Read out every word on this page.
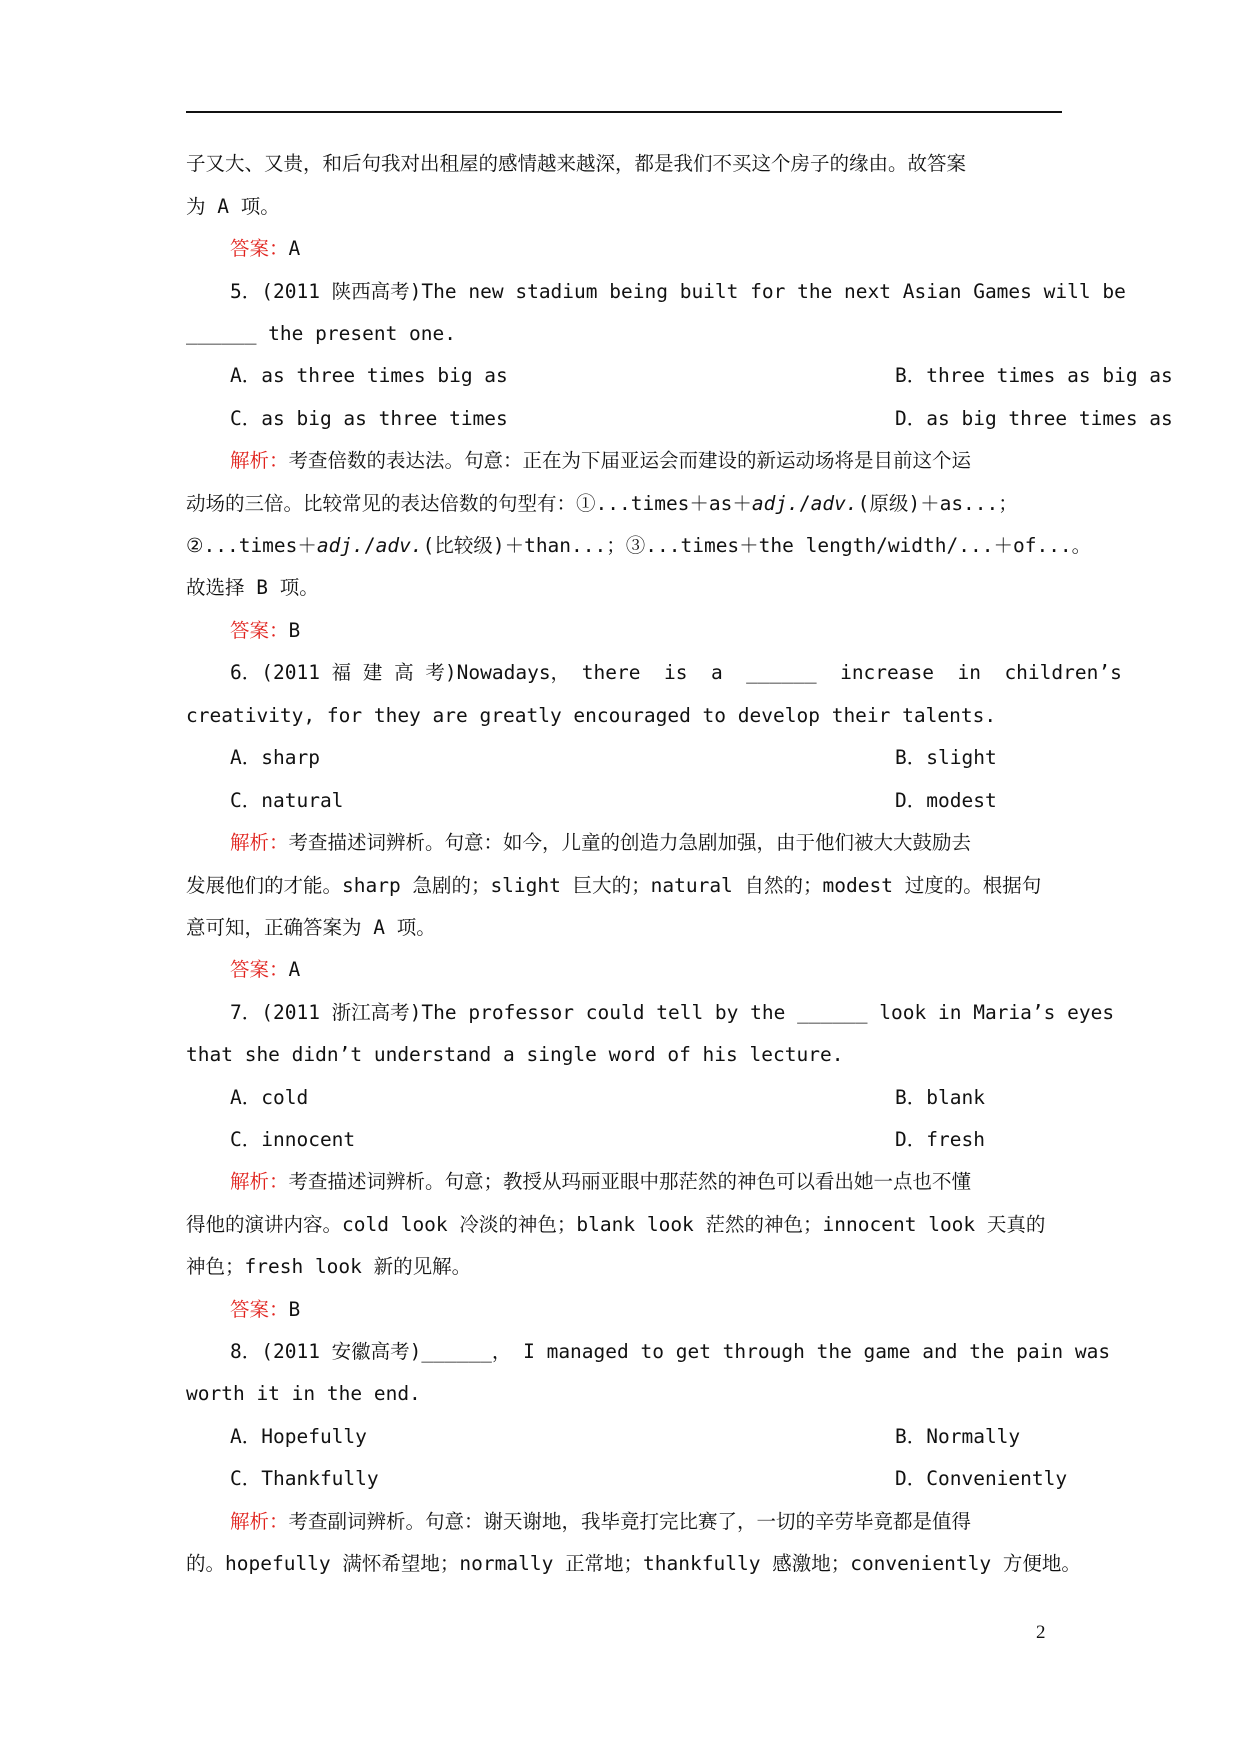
子又大、又贵，和后句我对出租屋的感情越来越深，都是我们不买这个房子的缘由。故答案
为 A 项。
答案：A
5．(2011 陕西高考)The new stadium being built for the next Asian Games will be
______ the present one.
A．as three times big as	B．three times as big as
C．as big as three times	D．as big three times as
解析：考查倍数的表达法。句意：正在为下届亚运会而建设的新运动场将是目前这个运
动场的三倍。比较常见的表达倍数的句型有：①...times＋as＋adj./adv.(原级)＋as...；
②...times＋adj./adv.(比较级)＋than...；③...times＋the length/width/...＋of...。
故选择 B 项。
答案：B
6．(2011 福 建 高 考)Nowadays， there  is  a  ______  increase  in  children’s
creativity, for they are greatly encouraged to develop their talents.
A．sharp	B．slight
C．natural	D．modest
解析：考查描述词辨析。句意：如今，儿童的创造力急剧加强，由于他们被大大鼓励去
发展他们的才能。sharp 急剧的；slight 巨大的；natural 自然的；modest 过度的。根据句
意可知，正确答案为 A 项。
答案：A
7．(2011 浙江高考)The professor could tell by the ______ look in Maria’s eyes
that she didn’t understand a single word of his lecture.
A．cold	B．blank
C．innocent	D．fresh
解析：考查描述词辨析。句意；教授从玛丽亚眼中那茫然的神色可以看出她一点也不懂
得他的演讲内容。cold look 冷淡的神色；blank look 茫然的神色；innocent look 天真的
神色；fresh look 新的见解。
答案：B
8．(2011 安徽高考)______， I managed to get through the game and the pain was
worth it in the end.
A．Hopefully	B．Normally
C．Thankfully	D．Conveniently
解析：考查副词辨析。句意：谢天谢地，我毕竟打完比赛了，一切的辛劳毕竟都是值得
的。hopefully 满怀希望地；normally 正常地；thankfully 感激地；conveniently 方便地。
2
